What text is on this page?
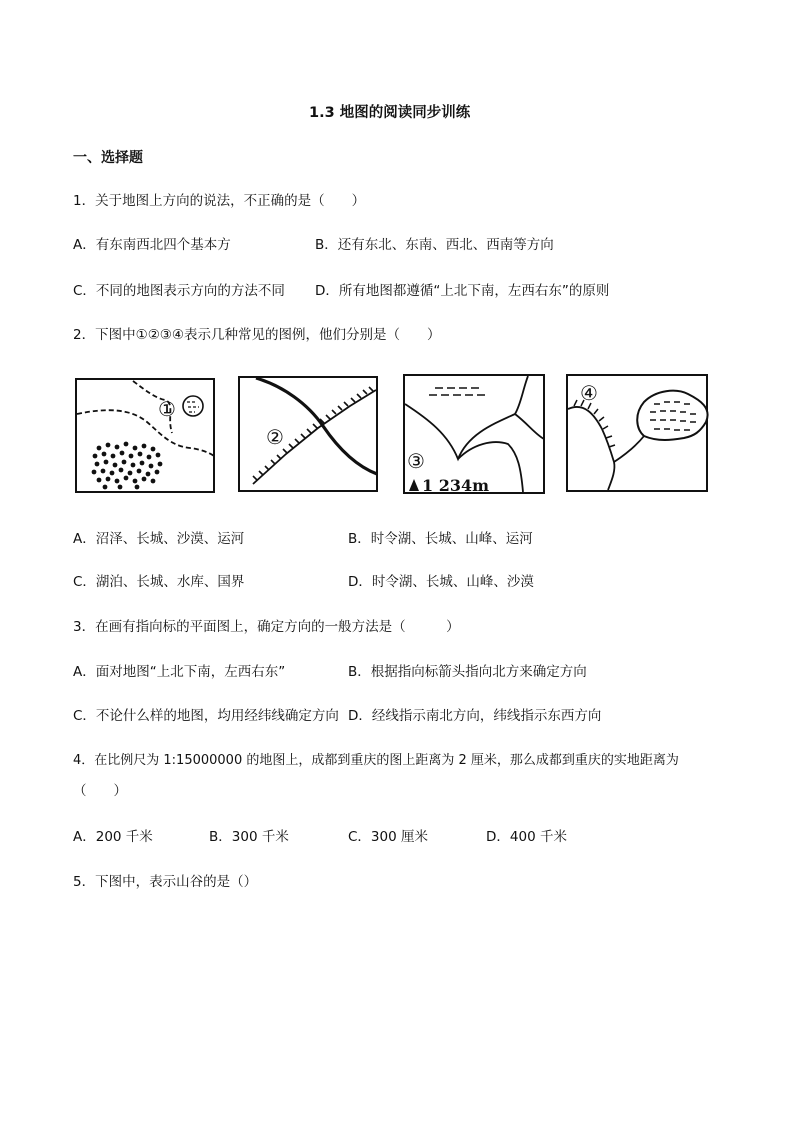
1.3 地图的阅读同步训练
一、选择题
1．关于地图上方向的说法，不正确的是（　　）
A．有东南西北四个基本方	B．还有东北、东南、西北、西南等方向
C．不同的地图表示方向的方法不同 D．所有地图都遵循“上北下南，左西右东”的原则
2．下图中①②③④表示几种常见的图例，他们分别是（　　）
①
②
③
1 234m
④
A．沼泽、长城、沙漠、运河	B．时令湖、长城、山峰、运河
C．湖泊、长城、水库、国界	D．时令湖、长城、山峰、沙漠
3．在画有指向标的平面图上，确定方向的一般方法是（　　　）
A．面对地图“上北下南，左西右东”	B．根据指向标箭头指向北方来确定方向
C．不论什么样的地图，均用经纬线确定方向 D．经线指示南北方向，纬线指示东西方向
4．在比例尺为 1:15000000 的地图上，成都到重庆的图上距离为 2 厘米，那么成都到重庆的实地距离为
（　　）
A．200 千米	B．300 千米	C．300 厘米	D．400 千米
5．下图中，表示山谷的是（）
